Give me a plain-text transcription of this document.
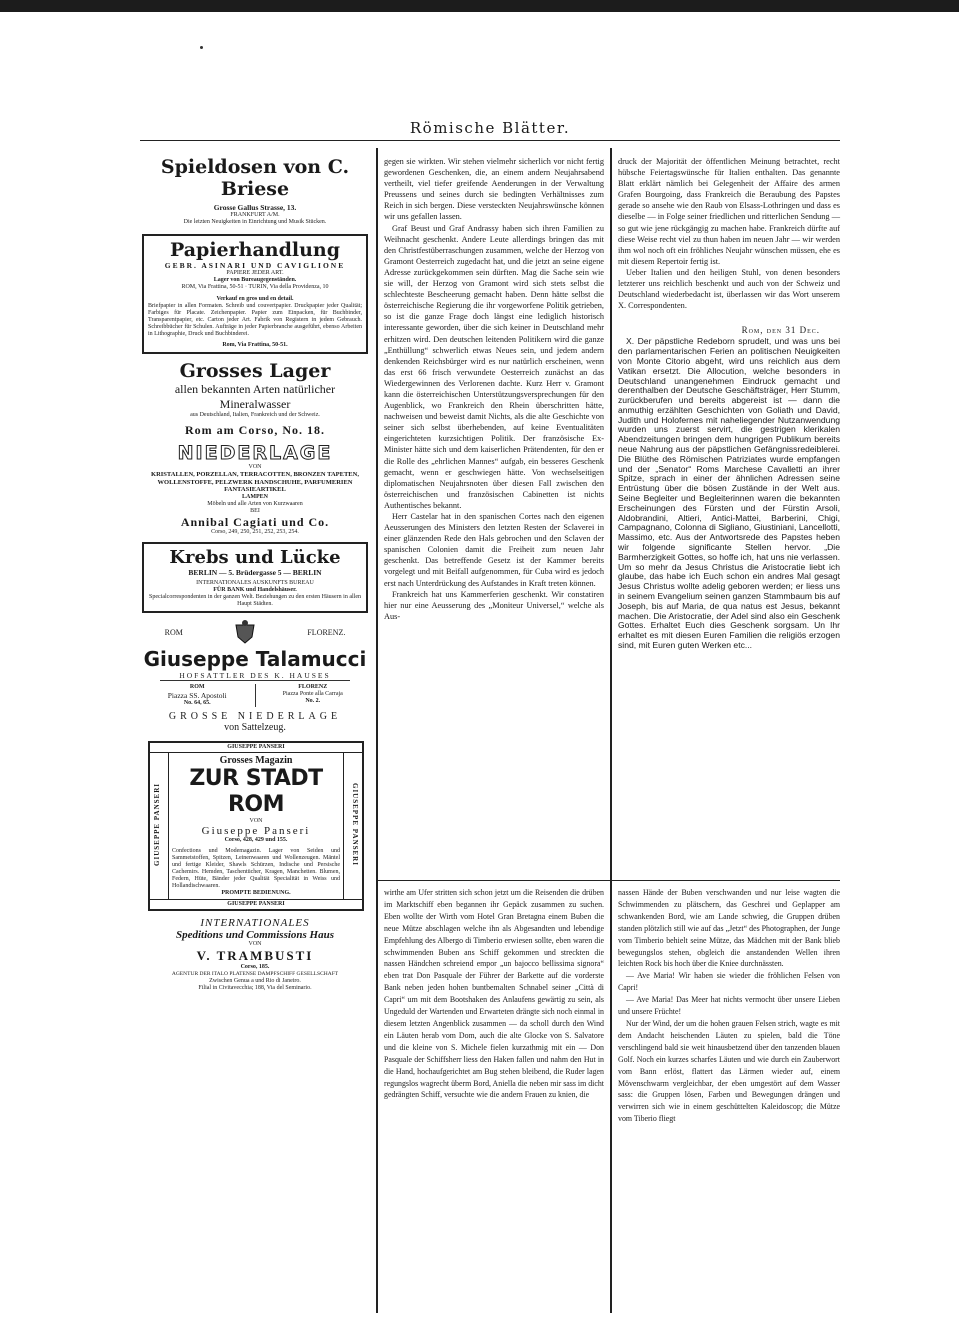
Römische Blätter.
Spieldosen von C. Briese
Grosse Gallus Strasse, 13.
FRANKFURT A/M.
Die letzten Neuigkeiten in Einrichtung und Musik Stücken.
Papierhandlung
GEBR. ASINARI UND CAVIGLIONE
PAPIERE JEDER ART.
Lager von Bureaugegenständen.
ROM, Via Frattina, 50-51 · TURIN, Via della Providenza, 10
Verkauf en gros und en detail.
Briefpapier in allen Formaten. Schreib und couvertpapier. Druckpapier jeder Qualität; Farbiges für Placate. Zeichenpapier. Papier zum Einpacken, für Buchbinder, Transparentpapier, etc. Carton jeder Art. Fabrik von Registern in jedem Gebrauch. Schreibbücher für Schulen. Aufträge in jeder Papierbranche ausgeführt, ebenso Arbeiten in Lithographie, Druck und Buchbinderei.
Rom, Via Frattina, 50-51.
Grosses Lager
allen bekannten Arten natürlicher
Mineralwasser
aus Deutschland, Italien, Frankreich und der Schweiz.
Rom am Corso, No. 18.
NIEDERLAGE
VON
KRISTALLEN, PORZELLAN, TERRACOTTEN, BRONZEN TAPETEN, WOLLENSTOFFE, PELZWERK HANDSCHUHE, PARFUMERIEN FANTASIEARTIKEL
LAMPEN
Möbeln und alle Arten von Kurzwaaren
BEI
Annibal Cagiati und Co.
Corso, 249, 250, 251, 252, 253, 254.
Krebs und Lücke
BERLIN — 5. Brüdergasse 5 — BERLIN
INTERNATIONALES AUSKUNFTS BUREAU
FÜR BANK und Handelshäuser.
Specialcorrespondenten in der ganzen Welt. Beziehungen zu den ersten Häusern in allen Haupt Städten.
ROM	FLORENZ.
Giuseppe Talamucci
HOFSATTLER DES K. HAUSES
ROM
Piazza SS. Apostoli
No. 64, 65.
FLORENZ
Piazza Ponte alla Carraja
No. 2.
GROSSE NIEDERLAGE
von Sattelzeug.
GIUSEPPE PANSERI
Grosses Magazin
ZUR STADT ROM
VON
Giuseppe Panseri
Corso, 428, 429 und 155.
Confections und Modemagazin. Lager von Seiden und Sammetstoffen, Spitzen, Leinenwaaren und Wollenzeugen. Mäntel und fertige Kleider, Shawls Schürzen, Indische und Persische Cachemirs. Hemden, Taschentücher, Kragen, Manchetten. Blumen, Federn, Hüte, Bänder jeder Qualität Specialität in Weiss und Hollandischwaaren.
PROMPTE BEDIENUNG.
GIUSEPPE PANSERI
GIUSEPPE PANSERI	GIUSEPPE PANSERI
INTERNATIONALES
Speditions und Commissions Haus
VON
V. TRAMBUSTI
Corso, 185.
AGENTUR DER ITALO PLATENSE DAMPFSCHIFF GESELLSCHAFT
Zwischen Genua a und Rio di Janeiro.
Filial in Civitavecchia; 188, Via del Seminario.

gegen sie wirkten. Wir stehen vielmehr sicherlich vor nicht fertig gewordenen Geschenken, die, an einem andern Neujahrsabend vertheilt, viel tiefer greifende Aenderungen in der Verwaltung Preussens und seines durch sie bedingten Verhältnisses zum Reich in sich bergen. Diese versteckten Neujahrswünsche können wir uns gefallen lassen.

Graf Beust und Graf Andrassy haben sich ihren Familien zu Weihnacht geschenkt. Andere Leute allerdings bringen das mit den Christfestüberraschungen zusammen, welche der Herzog von Gramont Oesterreich zugedacht hat, und die jetzt an seine eigene Adresse zurückgekommen sein dürften. Mag die Sache sein wie sie will, der Herzog von Gramont wird sich stets selbst die schlechteste Bescheerung gemacht haben. Denn hätte selbst die österreichische Regierung die ihr vorgeworfene Politik getrieben, so ist die ganze Frage doch längst eine lediglich historisch interessante geworden, über die sich keiner in Deutschland mehr erhitzen wird. Den deutschen leitenden Politikern wird die ganze „Enthüllung“ schwerlich etwas Neues sein, und jedem andern denkenden Reichsbürger wird es nur natürlich erscheinen, wenn das erst 66 frisch verwundete Oesterreich zunächst an das Wiedergewinnen des Verlorenen dachte. Kurz Herr v. Gramont kann die österreichischen Unterstützungsversprechungen für den Augenblick, wo Frankreich den Rhein überschritten hätte, nachweisen und beweist damit Nichts, als die alte Geschichte von seiner sich selbst überhebenden, auf keine Eventualitäten eingerichteten kurzsichtigen Politik. Der französische Ex-Minister hätte sich und dem kaiserlichen Prätendenten, für den er die Rolle des „ehrlichen Mannes“ aufgab, ein besseres Geschenk gemacht, wenn er geschwiegen hätte. Von wechselseitigen diplomatischen Neujahrsnoten über diesen Fall zwischen den österreichischen und französischen Cabinetten ist nichts Authentisches bekannt.

Herr Castelar hat in den spanischen Cortes nach den eigenen Aeusserungen des Ministers den letzten Resten der Sclaverei in einer glänzenden Rede den Hals gebrochen und den Sclaven der spanischen Colonien damit die Freiheit zum neuen Jahr geschenkt. Das betreffende Gesetz ist der Kammer bereits vorgelegt und mit Beifall aufgenommen, für Cuba wird es jedoch erst nach Unterdrückung des Aufstandes in Kraft treten können.

Frankreich hat uns Kammerferien geschenkt. Wir constatiren hier nur eine Aeusserung des „Moniteur Universel,“ welche als Aus-

druck der Majorität der öffentlichen Meinung betrachtet, recht hübsche Feiertagswünsche für Italien enthalten. Das genannte Blatt erklärt nämlich bei Gelegenheit der Affaire des armen Grafen Bourgoing, dass Frankreich die Beraubung des Papstes gerade so ansehe wie den Raub von Elsass-Lothringen und dass es dieselbe — in Folge seiner friedlichen und ritterlichen Sendung — so gut wie jene rückgängig zu machen habe. Frankreich dürfte auf diese Weise recht viel zu thun haben im neuen Jahr — wir werden ihm wol noch oft ein fröhliches Neujahr wünschen müssen, ehe es mit diesem Repertoir fertig ist.

Ueber Italien und den heiligen Stuhl, von denen besonders letzterer uns reichlich beschenkt und auch von der Schweiz und Deutschland wiederbedacht ist, überlassen wir das Wort unserem X. Correspondenten.

Rom, den 31 Dec.

X. Der päpstliche Redeborn sprudelt, und was uns bei den parlamentarischen Ferien an politischen Neuigkeiten von Monte Citorio abgeht, wird uns reichlich aus dem Vatikan ersetzt. Die Allocution, welche besonders in Deutschland unangenehmen Eindruck gemacht und derenthalben der Deutsche Geschäftsträger, Herr Stumm, zurückberufen und bereits abgereist ist — dann die anmuthig erzählten Geschichten von Goliath und David, Judith und Holofernes mit naheliegender Nutzanwendung wurden uns zuerst servirt, die gestrigen klerikalen Abendzeitungen bringen dem hungrigen Publikum bereits neue Nahrung aus der päpstlichen Gefängnissredeiblerei. Die Blüthe des Römischen Patriziates wurde empfangen und der „Senator“ Roms Marchese Cavalletti an ihrer Spitze, sprach in einer der ähnlichen Adressen seine Entrüstung über die bösen Zustände in der Welt aus. Seine Begleiter und Begleiterinnen waren die bekannten Erscheinungen des Fürsten und der Fürstin Arsoli, Aldobrandini, Altieri, Antici-Mattei, Barberini, Chigi, Campagnano, Colonna di Sigliano, Giustiniani, Lancellotti, Massimo, etc. Aus der Antwortsrede des Papstes heben wir folgende significante Stellen hervor. „Die Barmherzigkeit Gottes, so hoffe ich, hat uns nie verlassen. Um so mehr da Jesus Christus die Aristocratie liebt ich glaube, das habe ich Euch schon ein andres Mal gesagt Jesus Christus wollte adelig geboren werden; er liess uns in seinem Evangelium seinen ganzen Stammbaum bis auf Joseph, bis auf Maria, de qua natus est Jesus, bekannt machen. Die Aristocratie, der Adel sind also ein Geschenk Gottes. Erhaltet Euch dies Geschenk sorgsam. Un Ihr erhaltet es mit diesen Euren Familien die religiös erzogen sind, mit Euren guten Werken etc...

wirthe am Ufer stritten sich schon jetzt um die Reisenden die drüben im Marktschiff eben begannen ihr Gepäck zusammen zu suchen. Eben wollte der Wirth vom Hotel Gran Bretagna einem Buben die neue Mütze abschlagen welche ihn als Abgesandten und lebendige Empfehlung des Albergo di Timberio erwiesen sollte, eben waren die schwimmenden Buben ans Schiff gekommen und streckten die nassen Händchen schreiend empor „un bajocco bellissima signora“ eben trat Don Pasquale der Führer der Barkette auf die vorderste Bank neben jeden hohen buntbemalten Schnabel seiner „Città di Capri“ um mit dem Bootshaken des Anlaufens gewärtig zu sein, als Ungeduld der Wartenden und Erwarteten drängte sich noch einmal in diesem letzten Angenblick zusammen — da scholl durch den Wind ein Läuten herab vom Dom, auch die alte Glocke von S. Salvatore und die kleine von S. Michele fielen kurzathmig mit ein — Don Pasquale der Schiffsherr liess den Haken fallen und nahm den Hut in die Hand, hochaufgerichtet am Bug stehen bleibend, die Ruder lagen regungslos wagrecht überm Bord, Aniella die neben mir sass im dicht gedrängten Schiff, versuchte wie die andern Frauen zu knien, die

nassen Hände der Buben verschwanden und nur leise wagten die Schwimmenden zu plätschern, das Geschrei und Geplapper am schwankenden Bord, wie am Lande schwieg, die Gruppen drüben standen plötzlich still wie auf das „Jetzt“ des Photographen, der Junge vom Timberio behielt seine Mütze, das Mädchen mit der Bank blieb bewegungslos stehen, obgleich die anstandenden Wellen ihren leichten Rock bis hoch über die Kniee durchnässten.

— Ave Maria! Wir haben sie wieder die fröhlichen Felsen von Capri!

— Ave Maria! Das Meer hat nichts vermocht über unsere Lieben und unsere Früchte!

Nur der Wind, der um die hohen grauen Felsen strich, wagte es mit dem Andacht heischenden Läuten zu spielen, bald die Töne verschlingend bald sie weit hinausbetzend über den tanzenden blauen Golf. Noch ein kurzes scharfes Läuten und wie durch ein Zauberwort vom Bann erlöst, flattert das Lärmen wieder auf, einem Mövenschwarm vergleichbar, der eben umgestört auf dem Wasser sass: die Gruppen lösen, Farben und Bewegungen drängen und verwirren sich wie in einem geschüttelten Kaleidoscop; die Mütze vom Tiberio fliegt
